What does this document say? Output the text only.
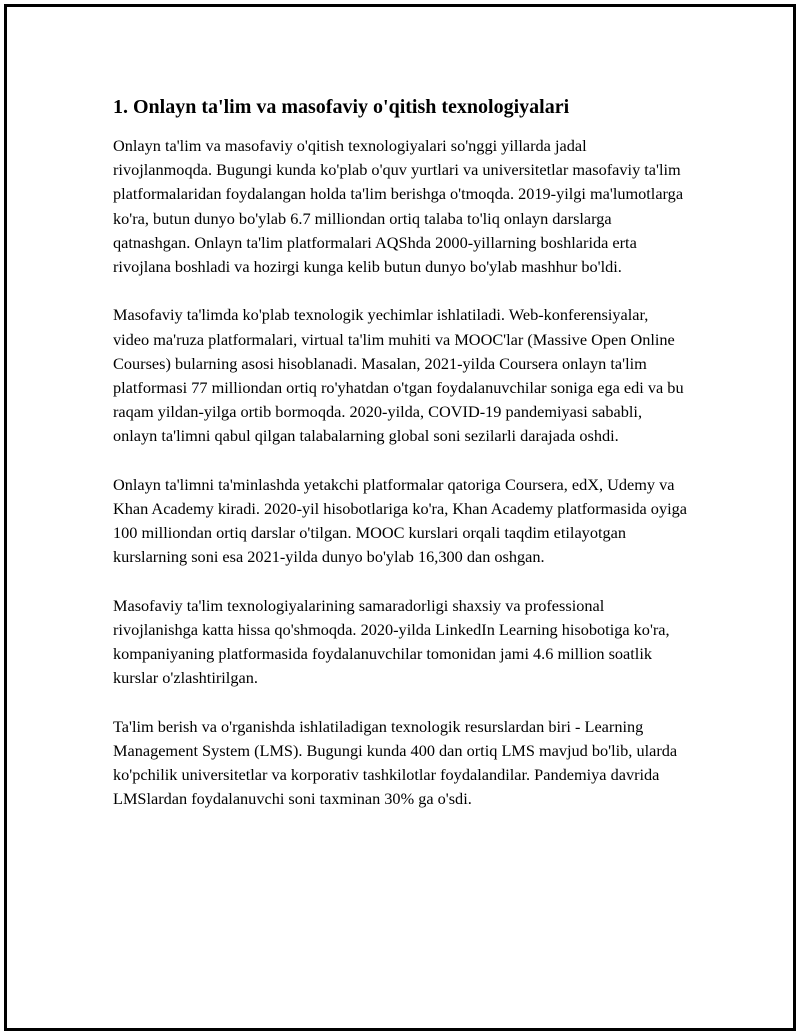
1. Onlayn ta'lim va masofaviy o'qitish texnologiyalari

Onlayn ta'lim va masofaviy o'qitish texnologiyalari so'nggi yillarda jadal rivojlanmoqda. Bugungi kunda ko'plab o'quv yurtlari va universitetlar masofaviy ta'lim platformalaridan foydalangan holda ta'lim berishga o'tmoqda. 2019-yilgi ma'lumotlarga ko'ra, butun dunyo bo'ylab 6.7 milliondan ortiq talaba to'liq onlayn darslarga qatnashgan. Onlayn ta'lim platformalari AQShda 2000-yillarning boshlarida erta rivojlana boshladi va hozirgi kunga kelib butun dunyo bo'ylab mashhur bo'ldi.

Masofaviy ta'limda ko'plab texnologik yechimlar ishlatiladi. Web-konferensiyalar, video ma'ruza platformalari, virtual ta'lim muhiti va MOOC'lar (Massive Open Online Courses) bularning asosi hisoblanadi. Masalan, 2021-yilda Coursera onlayn ta'lim platformasi 77 milliondan ortiq ro'yhatdan o'tgan foydalanuvchilar soniga ega edi va bu raqam yildan-yilga ortib bormoqda. 2020-yilda, COVID-19 pandemiyasi sababli, onlayn ta'limni qabul qilgan talabalarning global soni sezilarli darajada oshdi.

Onlayn ta'limni ta'minlashda yetakchi platformalar qatoriga Coursera, edX, Udemy va Khan Academy kiradi. 2020-yil hisobotlariga ko'ra, Khan Academy platformasida oyiga 100 milliondan ortiq darslar o'tilgan. MOOC kurslari orqali taqdim etilayotgan kurslarning soni esa 2021-yilda dunyo bo'ylab 16,300 dan oshgan.

Masofaviy ta'lim texnologiyalarining samaradorligi shaxsiy va professional rivojlanishga katta hissa qo'shmoqda. 2020-yilda LinkedIn Learning hisobotiga ko'ra, kompaniyaning platformasida foydalanuvchilar tomonidan jami 4.6 million soatlik kurslar o'zlashtirilgan.

Ta'lim berish va o'rganishda ishlatiladigan texnologik resurslardan biri - Learning Management System (LMS). Bugungi kunda 400 dan ortiq LMS mavjud bo'lib, ularda ko'pchilik universitetlar va korporativ tashkilotlar foydalandilar. Pandemiya davrida LMSlardan foydalanuvchi soni taxminan 30% ga o'sdi.
